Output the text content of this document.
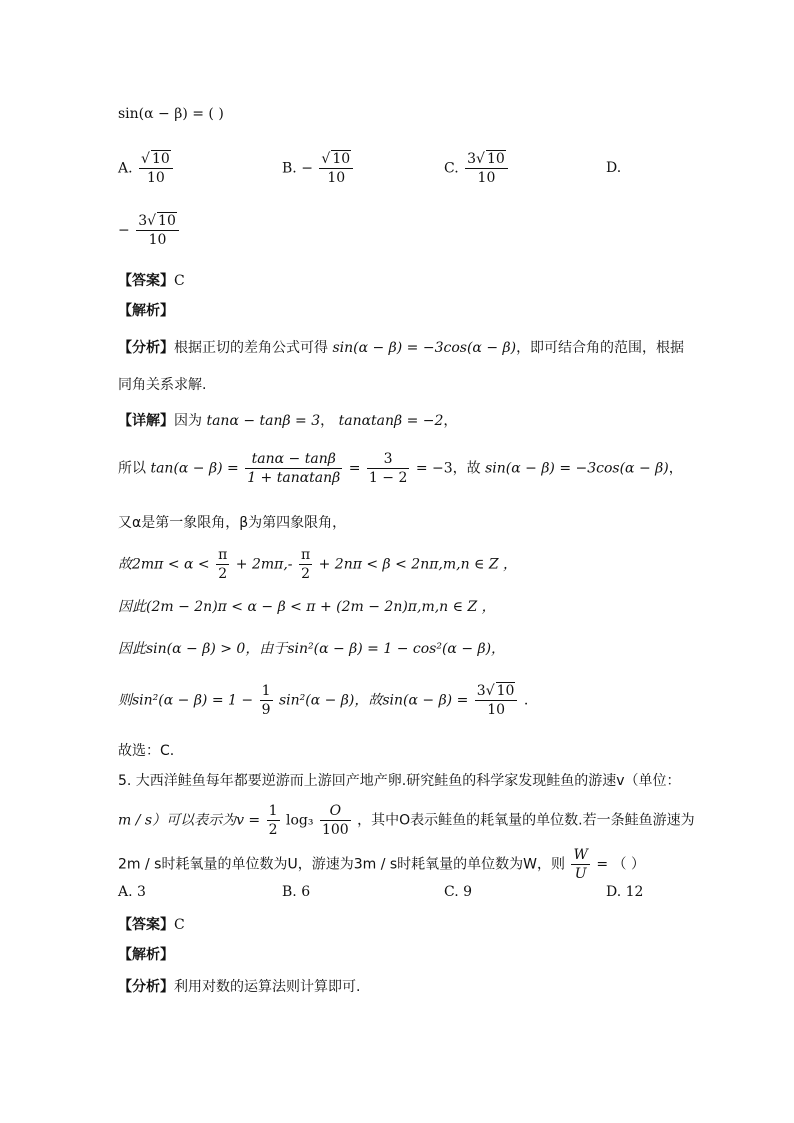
sin(α − β) = ( )
A. $\frac{√ 10}{10}$	B. − $\frac{√ 10}{10}$	C. $\frac{3√ 10}{10}$	D.
− $\frac{3√ 10}{10}$
【答案】C
【解析】
【分析】根据正切的差角公式可得 sin(α − β) = −3cos(α − β)，即可结合角的范围，根据
同角关系求解.
【详解】因为 tanα − tanβ = 3， tanαtanβ = −2，
所以 $\tan(\alpha - \beta) = \frac{\tan\alpha - \tan\beta}{1 + \tan\alpha\tan\beta} = \frac{3}{1 - 2} = -3$，故 sin(α − β) = −3cos(α − β)，
又α是第一象限角，β为第四象限角，
故$2m\pi < \alpha < \frac{\pi}{2} + 2m\pi,- \frac{\pi}{2} + 2n\pi < \beta < 2n\pi,m,n$ ∈ Z ，
因此(2m − 2n)π < α − β < π + (2m − 2n)π,m,n ∈ Z ，
因此sin(α − β) > 0，由于sin²(α − β) = 1 − cos²(α − β)，
则$\sin^2(\alpha - \beta) = 1 - \frac{1}{9} \sin^2(\alpha - \beta)$，故$\sin(\alpha - \beta) = \frac{3√ 10}{10}$ .
故选：C.
5. 大西洋鲑鱼每年都要逆游而上游回产地产卵.研究鲑鱼的科学家发现鲑鱼的游速v（单位：
m / s）可以表示为$v = \frac{1}{2} \log_3 \frac{O}{100}$ ，其中O表示鲑鱼的耗氧量的单位数.若一条鲑鱼游速为
2m / s时耗氧量的单位数为U，游速为3m / s时耗氧量的单位数为W，则 $\frac{W}{U}$ = （ ）
A. 3	B. 6	C. 9	D. 12
【答案】C
【解析】
【分析】利用对数的运算法则计算即可.
